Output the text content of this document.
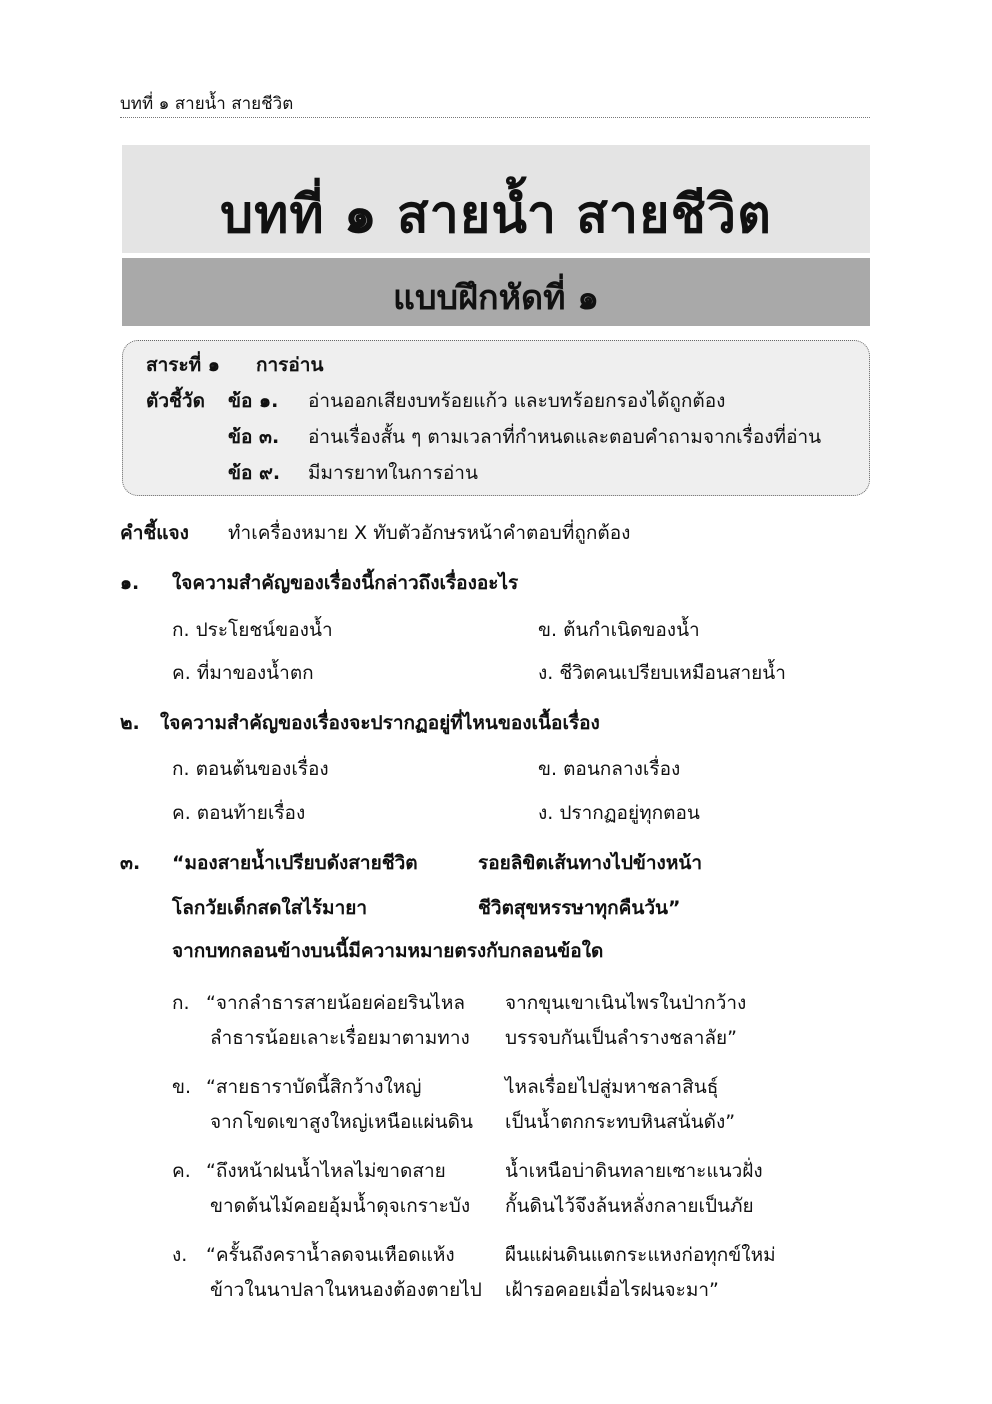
บทที่ ๑ สายน้ำ สายชีวิต
บทที่ ๑ สายน้ำ สายชีวิต
แบบฝึกหัดที่ ๑
สาระที่ ๑ การอ่าน
ตัวชี้วัด ข้อ ๑. อ่านออกเสียงบทร้อยแก้ว และบทร้อยกรองได้ถูกต้อง
ข้อ ๓. อ่านเรื่องสั้น ๆ ตามเวลาที่กำหนดและตอบคำถามจากเรื่องที่อ่าน
ข้อ ๙. มีมารยาทในการอ่าน
คำชี้แจง ทำเครื่องหมาย X ทับตัวอักษรหน้าคำตอบที่ถูกต้อง
๑. ใจความสำคัญของเรื่องนี้กล่าวถึงเรื่องอะไร
ก. ประโยชน์ของน้ำ	ข. ต้นกำเนิดของน้ำ
ค. ที่มาของน้ำตก	ง. ชีวิตคนเปรียบเหมือนสายน้ำ
๒. ใจความสำคัญของเรื่องจะปรากฏอยู่ที่ไหนของเนื้อเรื่อง
ก. ตอนต้นของเรื่อง	ข. ตอนกลางเรื่อง
ค. ตอนท้ายเรื่อง	ง. ปรากฏอยู่ทุกตอน
๓. “มองสายน้ำเปรียบดังสายชีวิต	รอยลิขิตเส้นทางไปข้างหน้า
โลกวัยเด็กสดใสไร้มายา	ชีวิตสุขหรรษาทุกคืนวัน”
จากบทกลอนข้างบนนี้มีความหมายตรงกับกลอนข้อใด
ก. “จากลำธารสายน้อยค่อยรินไหล จากขุนเขาเนินไพรในป่ากว้าง
ลำธารน้อยเลาะเรื่อยมาตามทาง บรรจบกันเป็นลำรางชลาลัย”
ข. “สายธาราบัดนี้สิกว้างใหญ่	ไหลเรื่อยไปสู่มหาชลาสินธุ์
จากโขดเขาสูงใหญ่เหนือแผ่นดิน เป็นน้ำตกกระทบหินสนั่นดัง”
ค. “ถึงหน้าฝนน้ำไหลไม่ขาดสาย	น้ำเหนือบ่าดินทลายเซาะแนวฝั่ง
ขาดต้นไม้คอยอุ้มน้ำดุจเกราะบัง กั้นดินไว้จึงล้นหลั่งกลายเป็นภัย
ง. “ครั้นถึงคราน้ำลดจนเหือดแห้ง	ผืนแผ่นดินแตกระแหงก่อทุกข์ใหม่
ข้าวในนาปลาในหนองต้องตายไป เฝ้ารอคอยเมื่อไรฝนจะมา”
